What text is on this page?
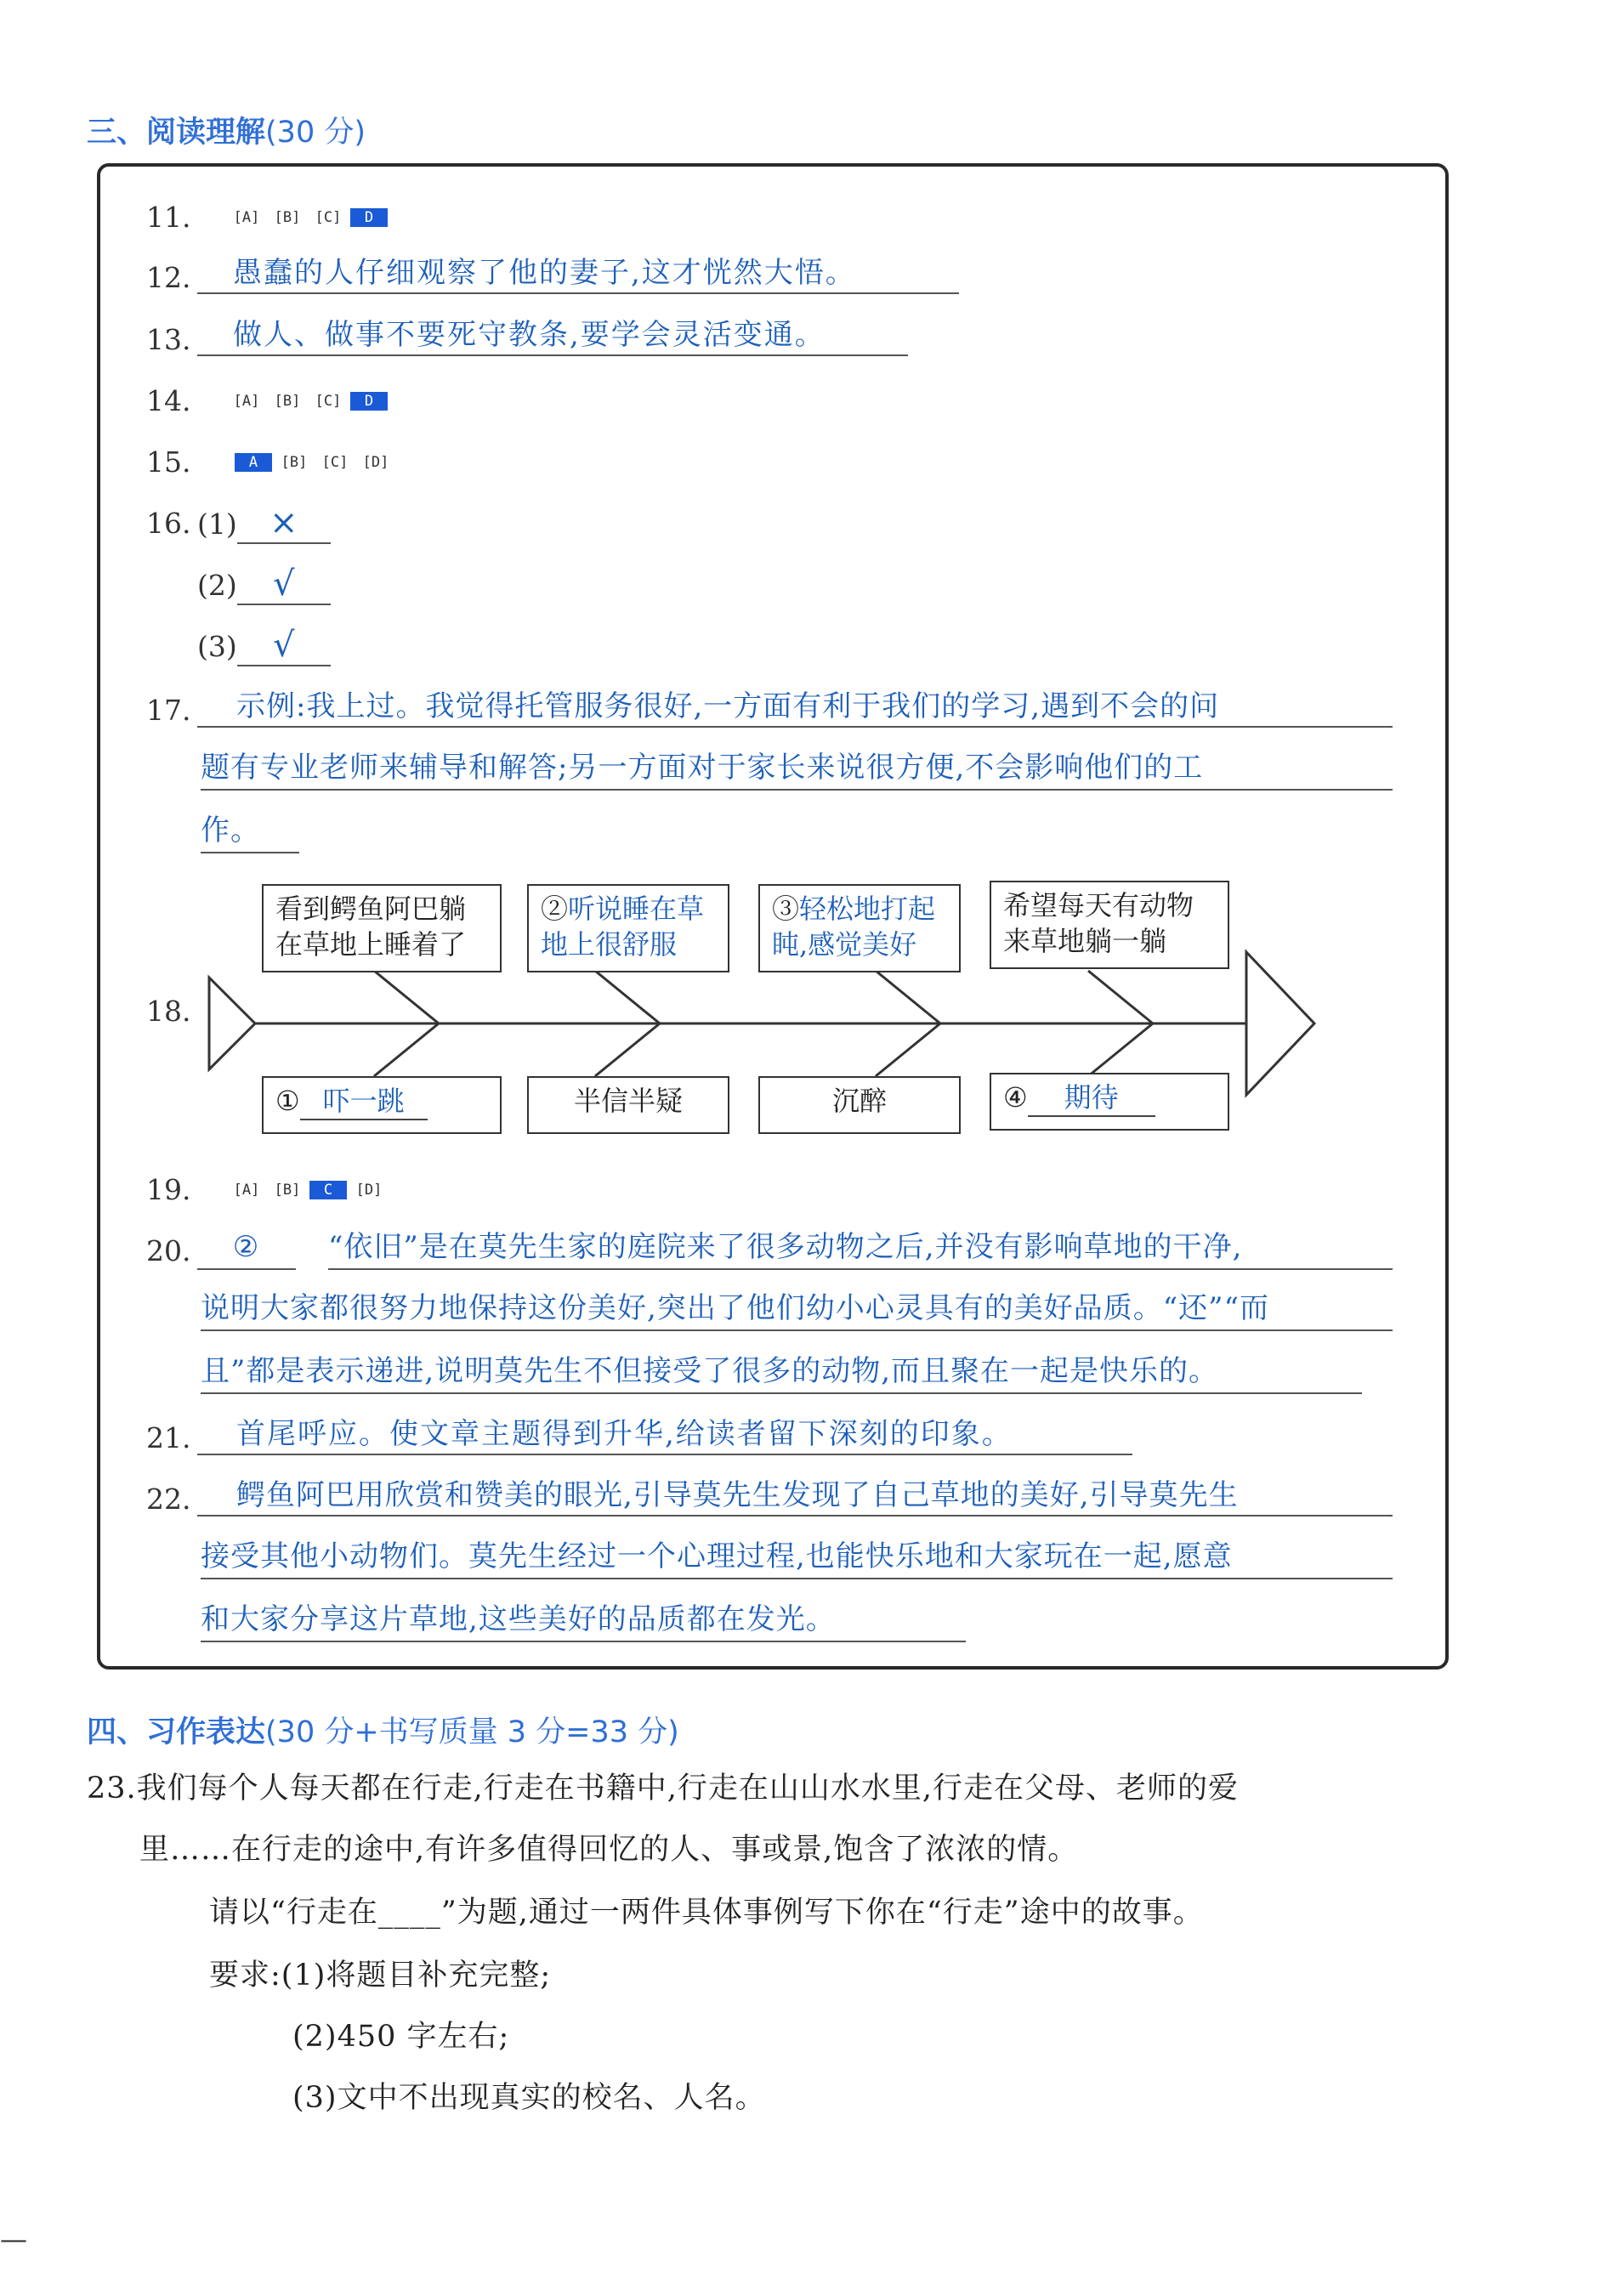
三、阅读理解(30 分)
11.	[A] [B] [C] D
12.	愚蠢的人仔细观察了他的妻子,这才恍然大悟。
13.	做人、做事不要死守教条,要学会灵活变通。
14.	[A] [B] [C] D
15.	A [B] [C] [D]
16. (1) ×
(2) √
(3) √
17.	示例:我上过。我觉得托管服务很好,一方面有利于我们的学习,遇到不会的问
题有专业老师来辅导和解答;另一方面对于家长来说很方便,不会影响他们的工
作。
18.
看到鳄鱼阿巴躺在草地上睡着了
②听说睡在草地上很舒服
③轻松地打起盹,感觉美好
希望每天有动物来草地躺一躺
① 吓一跳	半信半疑	沉醉	④ 期待
19.	[A] [B] C [D]
20.	②	“依旧”是在莫先生家的庭院来了很多动物之后,并没有影响草地的干净,
说明大家都很努力地保持这份美好,突出了他们幼小心灵具有的美好品质。“还”“而
且”都是表示递进,说明莫先生不但接受了很多的动物,而且聚在一起是快乐的。
21.	首尾呼应。使文章主题得到升华,给读者留下深刻的印象。
22.	鳄鱼阿巴用欣赏和赞美的眼光,引导莫先生发现了自己草地的美好,引导莫先生
接受其他小动物们。莫先生经过一个心理过程,也能快乐地和大家玩在一起,愿意
和大家分享这片草地,这些美好的品质都在发光。
四、习作表达(30 分+书写质量 3 分=33 分)
23.我们每个人每天都在行走,行走在书籍中,行走在山山水水里,行走在父母、老师的爱
里……在行走的途中,有许多值得回忆的人、事或景,饱含了浓浓的情。
请以“行走在____”为题,通过一两件具体事例写下你在“行走”途中的故事。
要求:(1)将题目补充完整;
(2)450 字左右;
(3)文中不出现真实的校名、人名。
—
